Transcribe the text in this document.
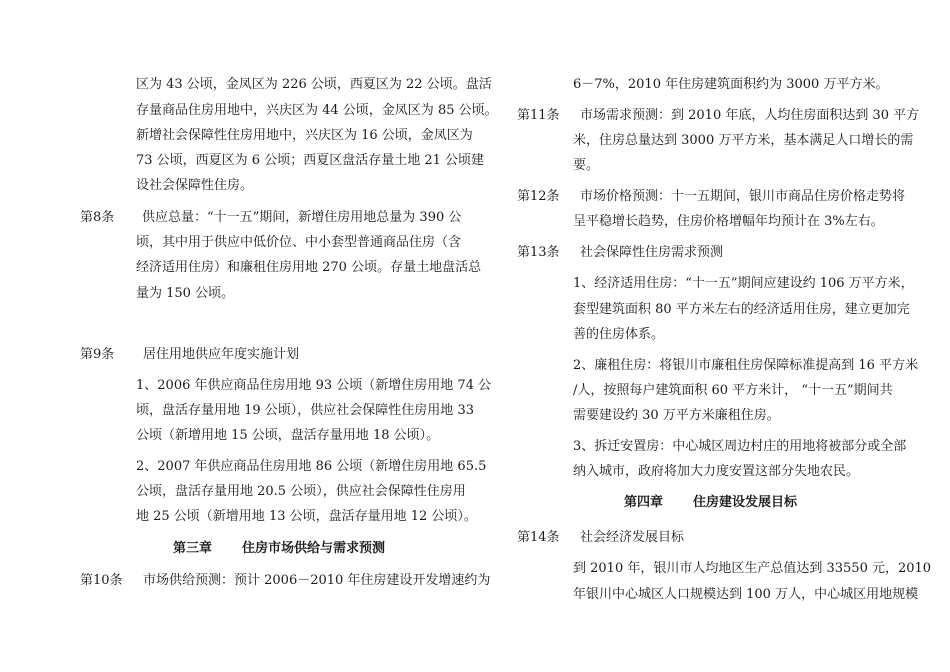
区为 43 公顷，金凤区为 226 公顷，西夏区为 22 公顷。盘活
存量商品住房用地中，兴庆区为 44 公顷，金凤区为 85 公顷。
新增社会保障性住房用地中，兴庆区为 16 公顷，金凤区为
73 公顷，西夏区为 6 公顷；西夏区盘活存量土地 21 公顷建
设社会保障性住房。
第8条	供应总量：“十一五”期间，新增住房用地总量为 390 公
顷，其中用于供应中低价位、中小套型普通商品住房（含
经济适用住房）和廉租住房用地 270 公顷。存量土地盘活总
量为 150 公顷。
第9条 居住用地供应年度实施计划
1、2006 年供应商品住房用地 93 公顷（新增住房用地 74 公
顷，盘活存量用地 19 公顷），供应社会保障性住房用地 33
公顷（新增用地 15 公顷，盘活存量用地 18 公顷）。
2、2007 年供应商品住房用地 86 公顷（新增住房用地 65.5
公顷，盘活存量用地 20.5 公顷），供应社会保障性住房用
地 25 公顷（新增用地 13 公顷，盘活存量用地 12 公顷）。
第三章 住房市场供给与需求预测
第10条 市场供给预测：预计 2006－2010 年住房建设开发增速约为
6－7%，2010 年住房建筑面积约为 3000 万平方米。
第11条 市场需求预测：到 2010 年底，人均住房面积达到 30 平方
米，住房总量达到 3000 万平方米，基本满足人口增长的需
要。
第12条 市场价格预测：十一五期间，银川市商品住房价格走势将
呈平稳增长趋势，住房价格增幅年均预计在 3%左右。
第13条 社会保障性住房需求预测
1、经济适用住房：“十一五”期间应建设约 106 万平方米，
套型建筑面积 80 平方米左右的经济适用住房，建立更加完
善的住房体系。
2、廉租住房：将银川市廉租住房保障标准提高到 16 平方米
/人，按照每户建筑面积 60 平方米计， “十一五”期间共
需要建设约 30 万平方米廉租住房。
3、拆迁安置房：中心城区周边村庄的用地将被部分或全部
纳入城市，政府将加大力度安置这部分失地农民。
第四章 住房建设发展目标
第14条 社会经济发展目标
到 2010 年，银川市人均地区生产总值达到 33550 元，2010
年银川中心城区人口规模达到 100 万人，中心城区用地规模
